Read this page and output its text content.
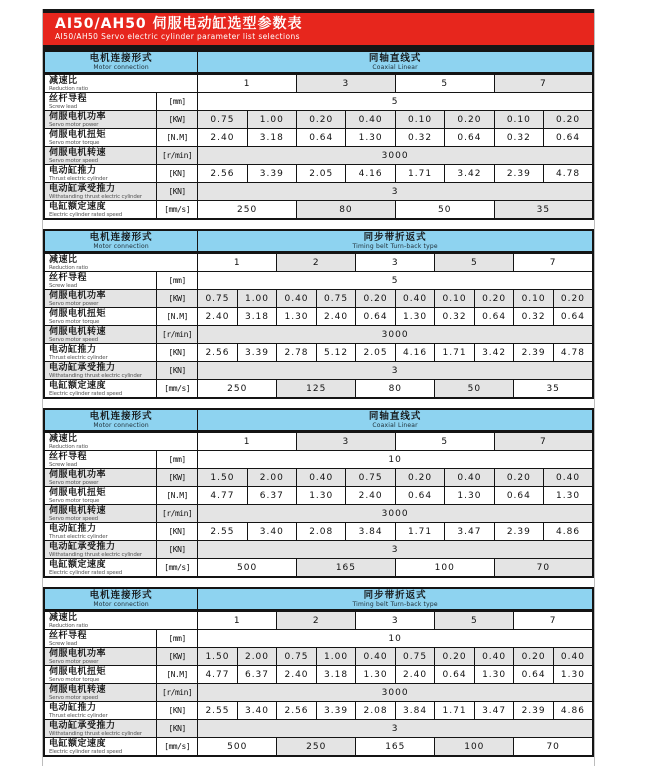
AI50/AH50 伺服电动缸选型参数表
AI50/AH50 Servo electric cylinder parameter list selections
电机连接形式
Motor connection

同轴直线式
Coaxial Linear

减速比
Reduction ratio		1		3		5		7	

丝杆导程
Screw lead	[mm]	5							

伺服电机功率
Servo motor power	[KW]	0.75	1.00	0.20	0.40	0.10	0.20	0.10	0.20

伺服电机扭矩
Servo motor torque	[N.M]	2.40	3.18	0.64	1.30	0.32	0.64	0.32	0.64

伺服电机转速
Servo motor speed	[r/min]	3000							

电动缸推力
Thrust electric cylinder	[KN]	2.56	3.39	2.05	4.16	1.71	3.42	2.39	4.78

电动缸承受推力
Withstanding thrust electric cylinder	[KN]	3							

电缸额定速度
Electric cylinder rated speed	[mm/s]	250		80		50		35	
电机连接形式
Motor connection

同步带折返式
Timing belt Turn-back type

减速比
Reduction ratio		1		2		3		5		7	

丝杆导程
Screw lead	[mm]	5									

伺服电机功率
Servo motor power	[KW]	0.75	1.00	0.40	0.75	0.20	0.40	0.10	0.20	0.10	0.20

伺服电机扭矩
Servo motor torque	[N.M]	2.40	3.18	1.30	2.40	0.64	1.30	0.32	0.64	0.32	0.64

伺服电机转速
Servo motor speed	[r/min]	3000									

电动缸推力
Thrust electric cylinder	[KN]	2.56	3.39	2.78	5.12	2.05	4.16	1.71	3.42	2.39	4.78

电动缸承受推力
Withstanding thrust electric cylinder	[KN]	3									

电缸额定速度
Electric cylinder rated speed	[mm/s]	250		125		80		50		35	
电机连接形式
Motor connection

同轴直线式
Coaxial Linear

减速比
Reduction ratio		1		3		5		7	

丝杆导程
Screw lead	[mm]	10							

伺服电机功率
Servo motor power	[KW]	1.50	2.00	0.40	0.75	0.20	0.40	0.20	0.40

伺服电机扭矩
Servo motor torque	[N.M]	4.77	6.37	1.30	2.40	0.64	1.30	0.64	1.30

伺服电机转速
Servo motor speed	[r/min]	3000							

电动缸推力
Thrust electric cylinder	[KN]	2.55	3.40	2.08	3.84	1.71	3.47	2.39	4.86

电动缸承受推力
Withstanding thrust electric cylinder	[KN]	3							

电缸额定速度
Electric cylinder rated speed	[mm/s]	500		165		100		70	
电机连接形式
Motor connection

同步带折返式
Timing belt Turn-back type

减速比
Reduction ratio		1		2		3		5		7	

丝杆导程
Screw lead	[mm]	10									

伺服电机功率
Servo motor power	[KW]	1.50	2.00	0.75	1.00	0.40	0.75	0.20	0.40	0.20	0.40

伺服电机扭矩
Servo motor torque	[N.M]	4.77	6.37	2.40	3.18	1.30	2.40	0.64	1.30	0.64	1.30

伺服电机转速
Servo motor speed	[r/min]	3000									

电动缸推力
Thrust electric cylinder	[KN]	2.55	3.40	2.56	3.39	2.08	3.84	1.71	3.47	2.39	4.86

电动缸承受推力
Withstanding thrust electric cylinder	[KN]	3									

电缸额定速度
Electric cylinder rated speed	[mm/s]	500		250		165		100		70	
